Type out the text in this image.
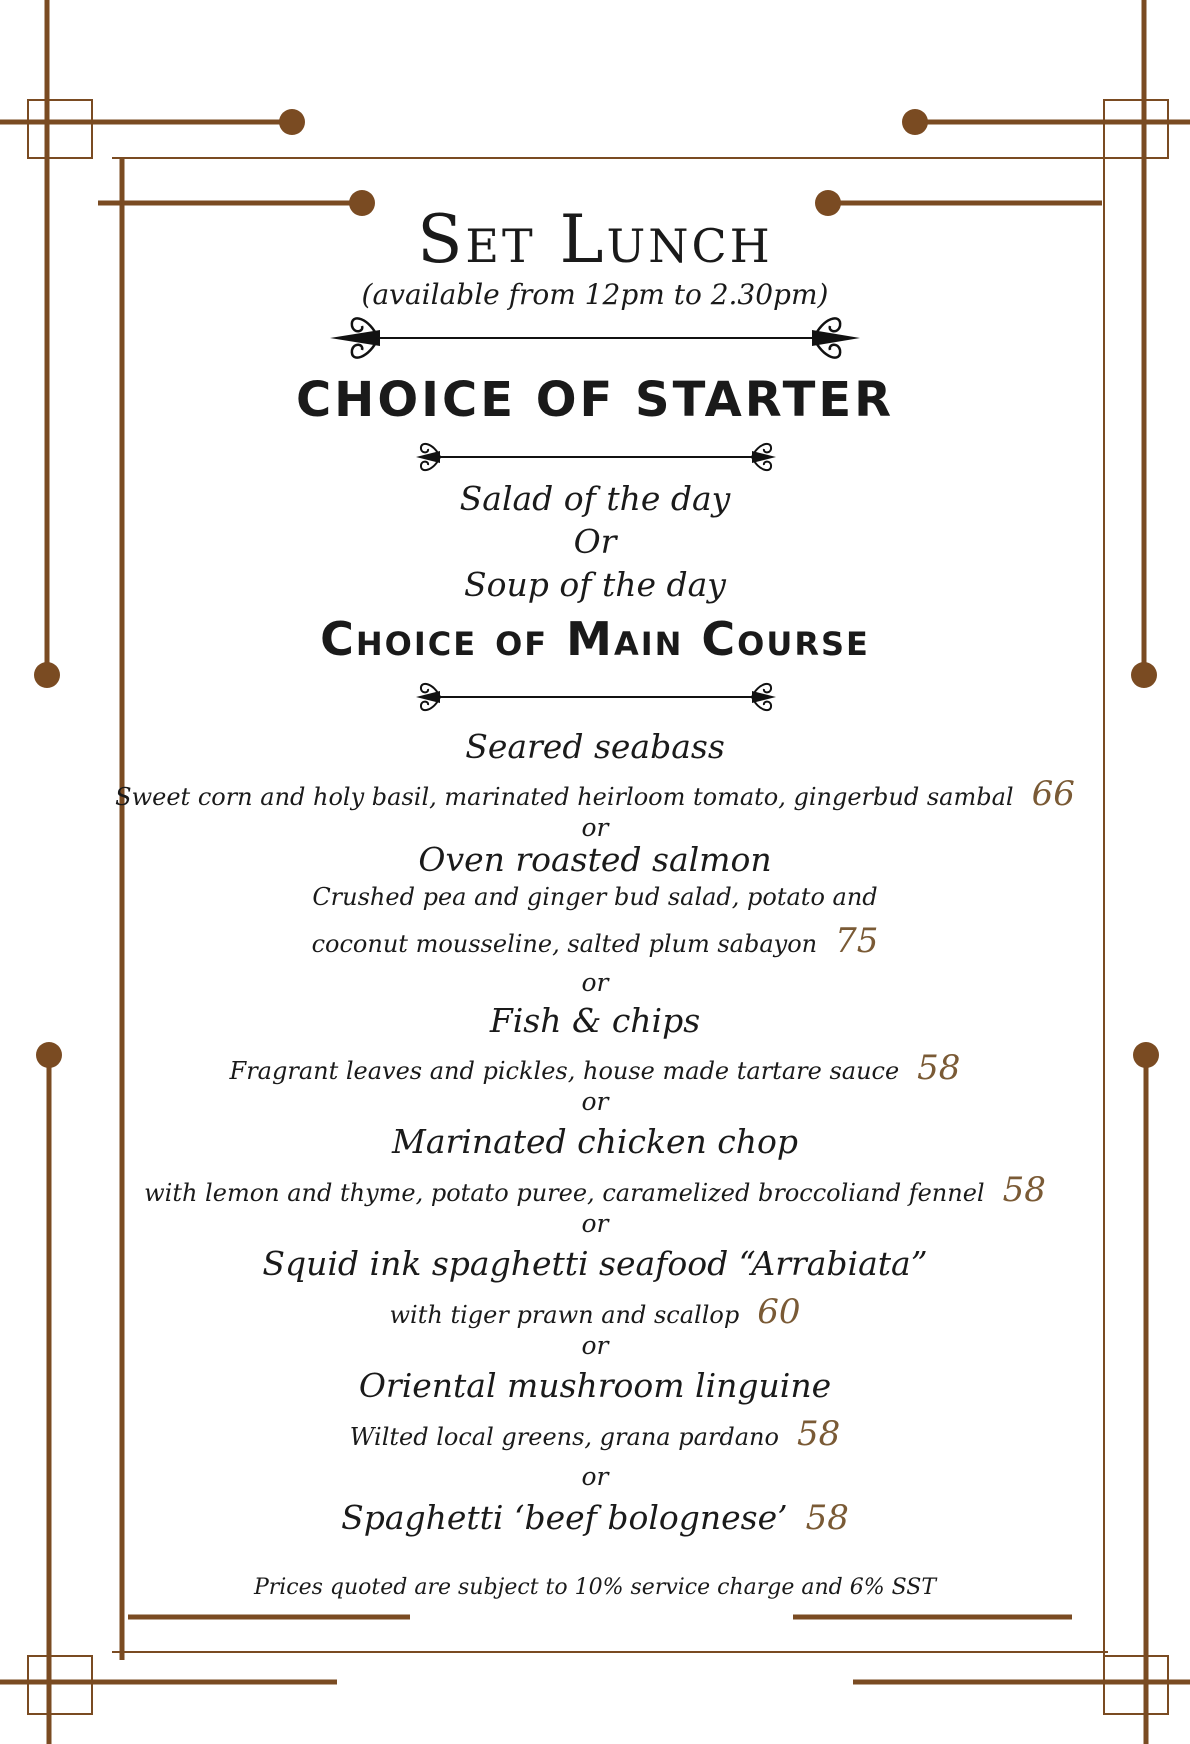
Set Lunch
(available from 12pm to 2.30pm)
CHOICE OF STARTER
Salad of the day
Or
Soup of the day
Choice of Main Course
Seared seabass
Sweet corn and holy basil, marinated heirloom tomato, gingerbud sambal 66
or
Oven roasted salmon
Crushed pea and ginger bud salad, potato and
coconut mousseline, salted plum sabayon 75
or
Fish & chips
Fragrant leaves and pickles, house made tartare sauce 58
or
Marinated chicken chop
with lemon and thyme, potato puree, caramelized broccoliand fennel 58
or
Squid ink spaghetti seafood “Arrabiata”
with tiger prawn and scallop 60
or
Oriental mushroom linguine
Wilted local greens, grana pardano 58
or
Spaghetti ‘beef bolognese’ 58
Prices quoted are subject to 10% service charge and 6% SST
